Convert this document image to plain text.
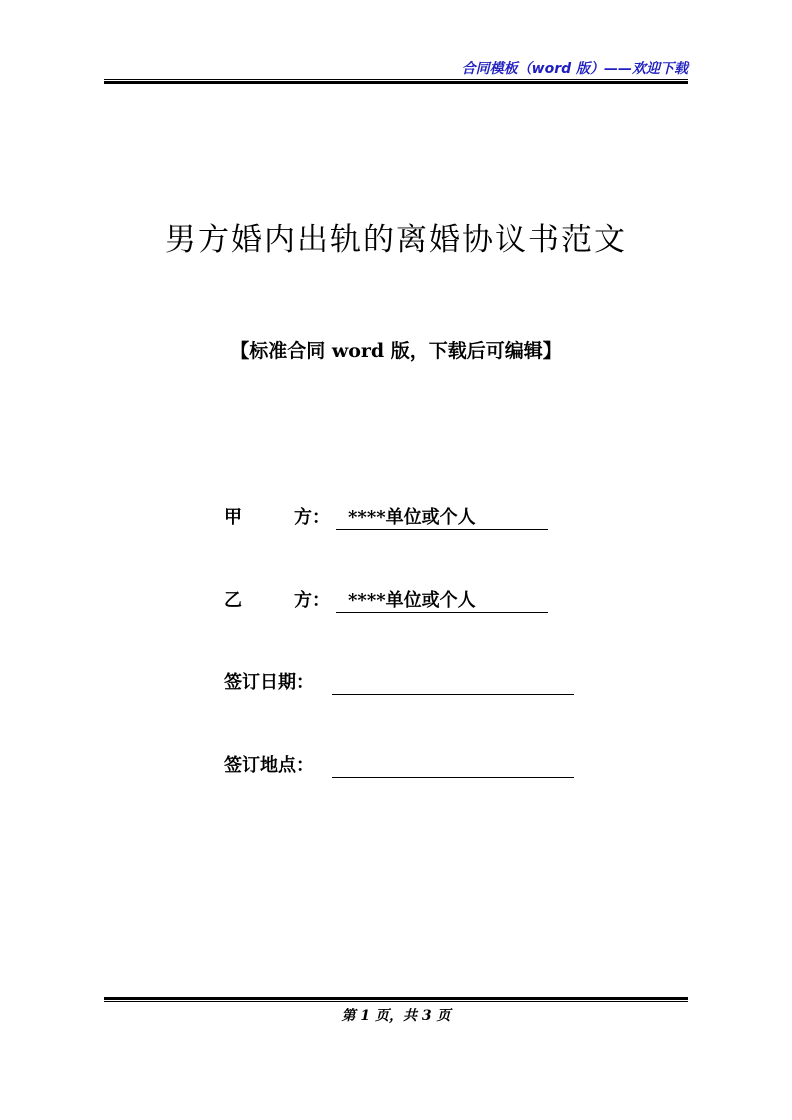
合同模板（word 版）——欢迎下载
男方婚内出轨的离婚协议书范文
【标准合同 word 版，下载后可编辑】
甲	方：	****单位或个人
乙	方：	****单位或个人
签订日期：
签订地点：
第 1 页，共 3 页
